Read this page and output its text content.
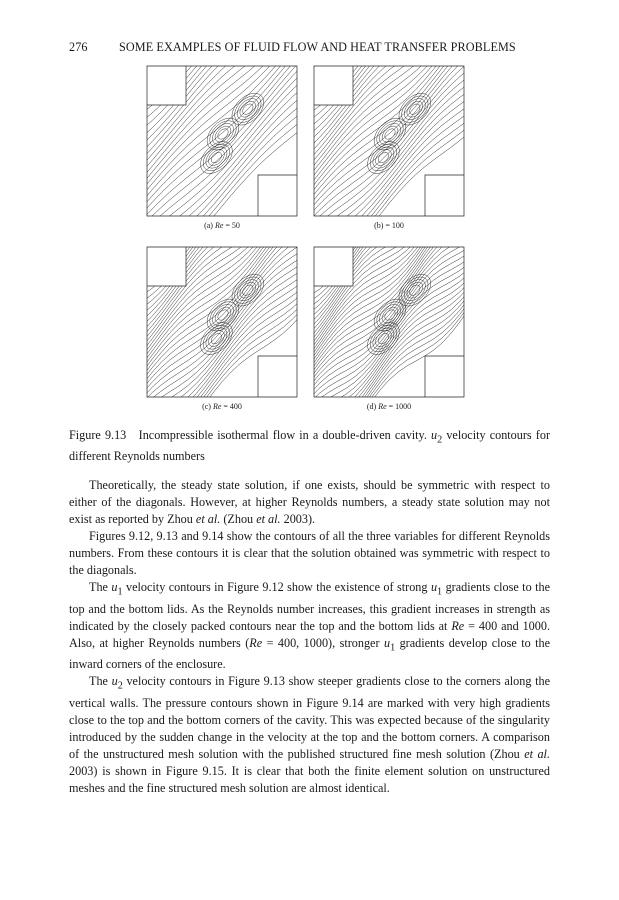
276	SOME EXAMPLES OF FLUID FLOW AND HEAT TRANSFER PROBLEMS
(a) Re = 50	(b) = 100
(c) Re = 400	(d) Re = 1000
Figure 9.13 Incompressible isothermal flow in a double-driven cavity. $u_2$ velocity contours for different Reynolds numbers

Theoretically, the steady state solution, if one exists, should be symmetric with respect to either of the diagonals. However, at higher Reynolds numbers, a steady state solution may not exist as reported by Zhou et al. (Zhou et al. 2003).

Figures 9.12, 9.13 and 9.14 show the contours of all the three variables for different Reynolds numbers. From these contours it is clear that the solution obtained was symmetric with respect to the diagonals.

The $u_1$ velocity contours in Figure 9.12 show the existence of strong $u_1$ gradients close to the top and the bottom lids. As the Reynolds number increases, this gradient increases in strength as indicated by the closely packed contours near the top and the bottom lids at Re = 400 and 1000. Also, at higher Reynolds numbers (Re = 400, 1000), stronger $u_1$ gradients develop close to the inward corners of the enclosure.

The $u_2$ velocity contours in Figure 9.13 show steeper gradients close to the corners along the vertical walls. The pressure contours shown in Figure 9.14 are marked with very high gradients close to the top and the bottom corners of the cavity. This was expected because of the singularity introduced by the sudden change in the velocity at the top and the bottom corners. A comparison of the unstructured mesh solution with the published structured fine mesh solution (Zhou et al. 2003) is shown in Figure 9.15. It is clear that both the finite element solution on unstructured meshes and the fine structured mesh solution are almost identical.
